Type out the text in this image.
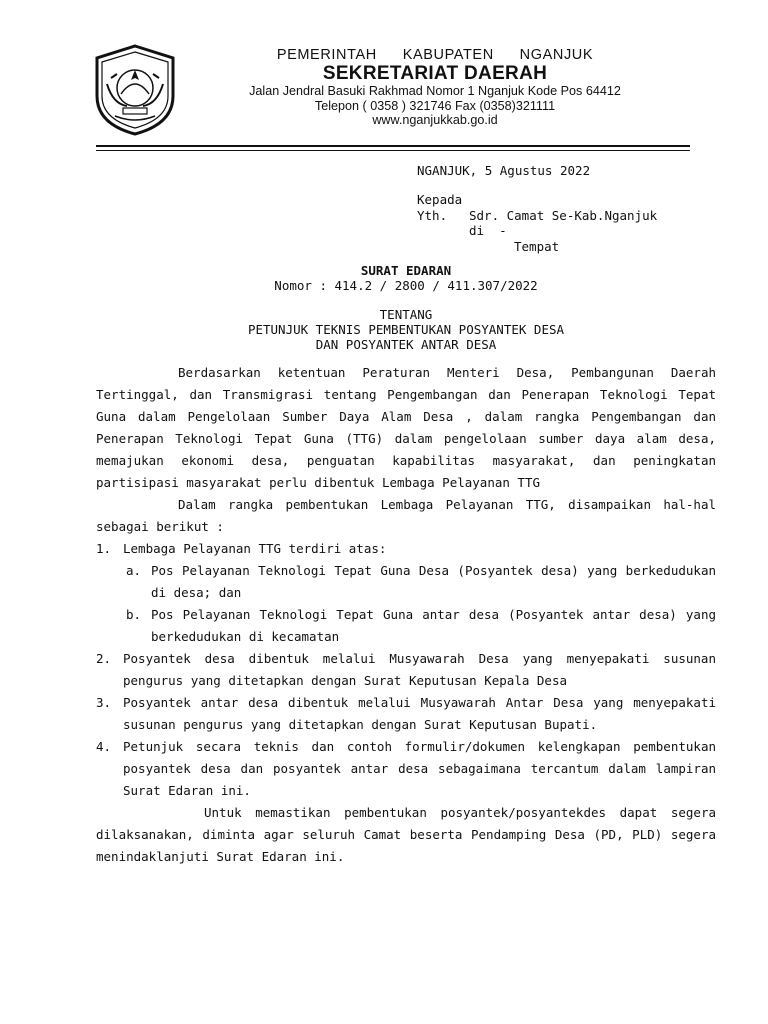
PEMERINTAH   KABUPATEN   NGANJUK
SEKRETARIAT DAERAH
Jalan Jendral Basuki Rakhmad Nomor 1 Nganjuk Kode Pos 64412
Telepon ( 0358 ) 321746 Fax (0358)321111
www.nganjukkab.go.id
NGANJUK, 5 Agustus 2022
Kepada
Yth. Sdr. Camat Se-Kab.Nganjuk
di  -
Tempat
SURAT EDARAN
Nomor : 414.2 / 2800 / 411.307/2022
TENTANG
PETUNJUK TEKNIS PEMBENTUKAN POSYANTEK DESA
DAN POSYANTEK ANTAR DESA

Berdasarkan ketentuan Peraturan Menteri Desa, Pembangunan Daerah Tertinggal, dan Transmigrasi tentang Pengembangan dan Penerapan Teknologi Tepat Guna dalam Pengelolaan Sumber Daya Alam Desa , dalam rangka Pengembangan dan Penerapan Teknologi Tepat Guna (TTG) dalam pengelolaan sumber daya alam desa, memajukan ekonomi desa, penguatan kapabilitas masyarakat, dan peningkatan partisipasi masyarakat perlu dibentuk Lembaga Pelayanan TTG

Dalam rangka pembentukan Lembaga Pelayanan TTG, disampaikan hal-hal sebagai berikut :

1. Lembaga Pelayanan TTG terdiri atas:
a. Pos Pelayanan Teknologi Tepat Guna Desa (Posyantek desa) yang berkedudukan di desa; dan
b. Pos Pelayanan Teknologi Tepat Guna antar desa (Posyantek antar desa) yang berkedudukan di kecamatan
2. Posyantek desa dibentuk melalui Musyawarah Desa yang menyepakati susunan pengurus yang ditetapkan dengan Surat Keputusan Kepala Desa
3. Posyantek antar desa dibentuk melalui Musyawarah Antar Desa yang menyepakati susunan pengurus yang ditetapkan dengan Surat Keputusan Bupati.
4. Petunjuk secara teknis dan contoh formulir/dokumen kelengkapan pembentukan posyantek desa dan posyantek antar desa sebagaimana tercantum dalam lampiran Surat Edaran ini.

Untuk memastikan pembentukan posyantek/posyantekdes dapat segera dilaksanakan, diminta agar seluruh Camat beserta Pendamping Desa (PD, PLD) segera menindaklanjuti Surat Edaran ini.
